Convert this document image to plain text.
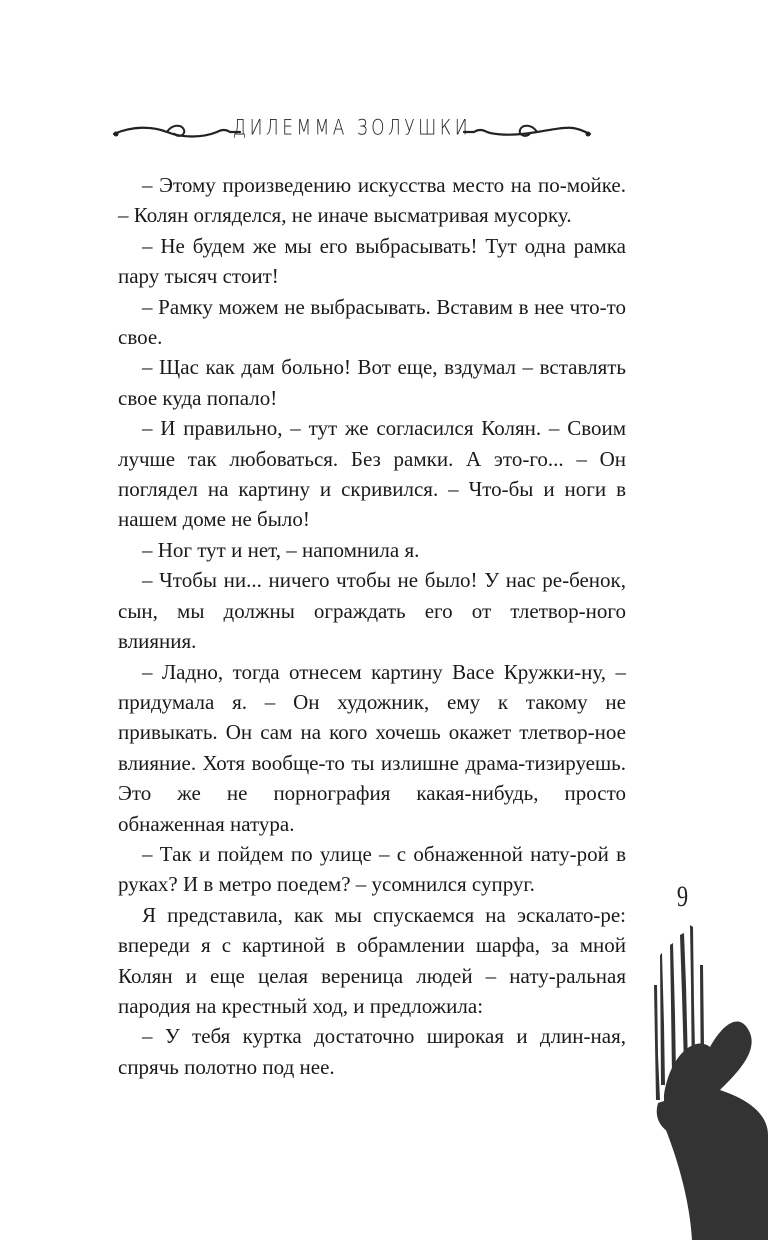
ДИЛЕММА ЗОЛУШКИ

– Этому произведению искусства место на по-мойке. – Колян огляделся, не иначе высматривая мусорку.

– Не будем же мы его выбрасывать! Тут одна рамка пару тысяч стоит!

– Рамку можем не выбрасывать. Вставим в нее что-то свое.

– Щас как дам больно! Вот еще, вздумал – вставлять свое куда попало!

– И правильно, – тут же согласился Колян. – Своим лучше так любоваться. Без рамки. А это-го... – Он поглядел на картину и скривился. – Что-бы и ноги в нашем доме не было!

– Ног тут и нет, – напомнила я.

– Чтобы ни... ничего чтобы не было! У нас ре-бенок, сын, мы должны ограждать его от тлетвор-ного влияния.

– Ладно, тогда отнесем картину Васе Кружки-ну, – придумала я. – Он художник, ему к такому не привыкать. Он сам на кого хочешь окажет тлетвор-ное влияние. Хотя вообще-то ты излишне драма-тизируешь. Это же не порнография какая-нибудь, просто обнаженная натура.

– Так и пойдем по улице – с обнаженной нату-рой в руках? И в метро поедем? – усомнился супруг.

Я представила, как мы спускаемся на эскалато-ре: впереди я с картиной в обрамлении шарфа, за мной Колян и еще целая вереница людей – нату-ральная пародия на крестный ход, и предложила:

– У тебя куртка достаточно широкая и длин-ная, спрячь полотно под нее.

9
